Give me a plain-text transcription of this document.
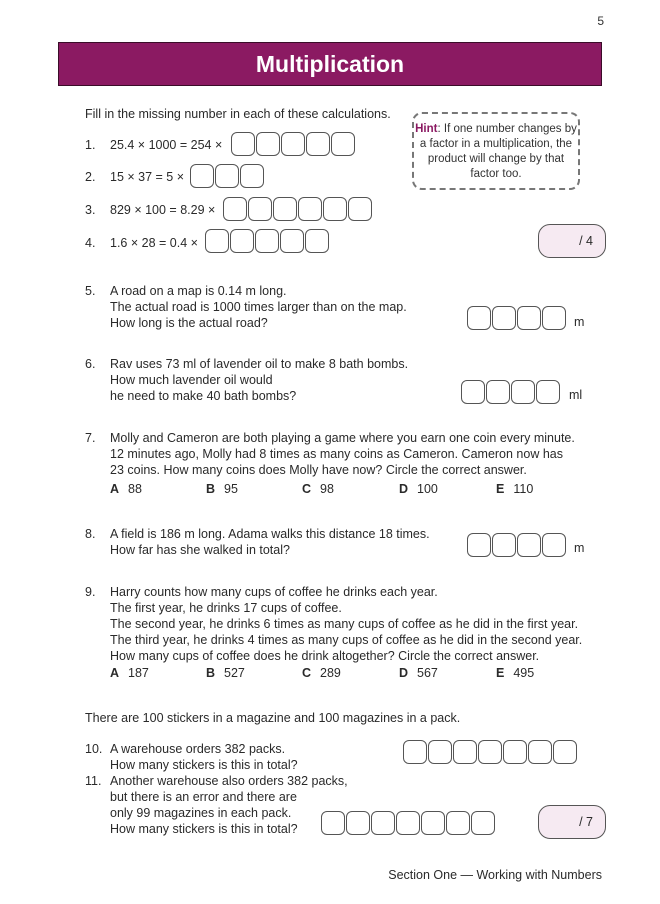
5
Multiplication
Fill in the missing number in each of these calculations.
Hint: If one number changes by a factor in a multiplication, the product will change by that factor too.
1. 25.4 × 1000 = 254 ×
2. 15 × 37 = 5 ×
3. 829 × 100 = 8.29 ×
4. 1.6 × 28 = 0.4 ×	/ 4
5. A road on a map is 0.14 m long.
The actual road is 1000 times larger than on the map.
How long is the actual road?	m
6. Rav uses 73 ml of lavender oil to make 8 bath bombs.
How much lavender oil would
he need to make 40 bath bombs?	ml
7. Molly and Cameron are both playing a game where you earn one coin every minute.
12 minutes ago, Molly had 8 times as many coins as Cameron. Cameron now has
23 coins. How many coins does Molly have now? Circle the correct answer.
A 88	B 95	C 98	D 100	E 110
8. A field is 186 m long. Adama walks this distance 18 times.
How far has she walked in total?	m
9. Harry counts how many cups of coffee he drinks each year.
The first year, he drinks 17 cups of coffee.
The second year, he drinks 6 times as many cups of coffee as he did in the first year.
The third year, he drinks 4 times as many cups of coffee as he did in the second year.
How many cups of coffee does he drink altogether? Circle the correct answer.
A 187	B 527	C 289	D 567	E 495
There are 100 stickers in a magazine and 100 magazines in a pack.
10. A warehouse orders 382 packs.
How many stickers is this in total?
11. Another warehouse also orders 382 packs,
but there is an error and there are
only 99 magazines in each pack.
How many stickers is this in total?	/ 7
Section One — Working with Numbers
